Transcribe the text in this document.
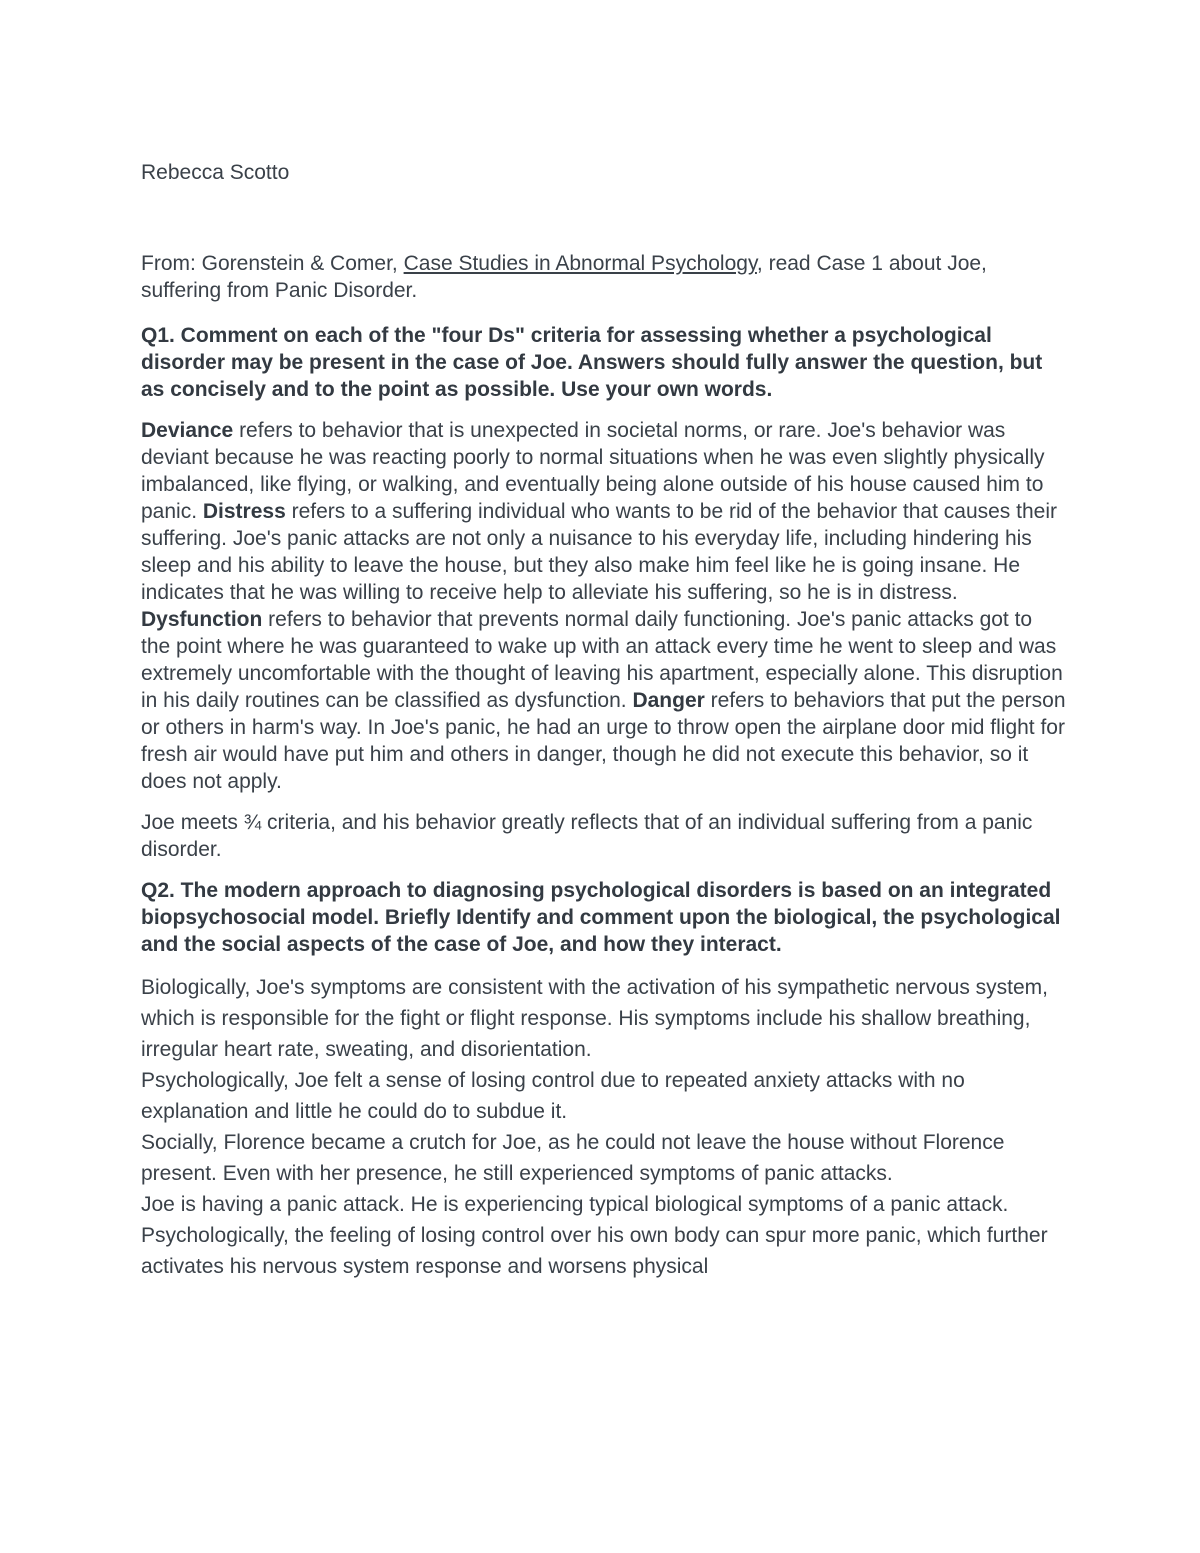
Rebecca Scotto

From: Gorenstein & Comer, Case Studies in Abnormal Psychology, read Case 1 about Joe, suffering from Panic Disorder.

Q1. Comment on each of the "four Ds" criteria for assessing whether a psychological disorder may be present in the case of Joe. Answers should fully answer the question, but as concisely and to the point as possible. Use your own words.

Deviance refers to behavior that is unexpected in societal norms, or rare. Joe's behavior was deviant because he was reacting poorly to normal situations when he was even slightly physically imbalanced, like flying, or walking, and eventually being alone outside of his house caused him to panic. Distress refers to a suffering individual who wants to be rid of the behavior that causes their suffering. Joe's panic attacks are not only a nuisance to his everyday life, including hindering his sleep and his ability to leave the house, but they also make him feel like he is going insane. He indicates that he was willing to receive help to alleviate his suffering, so he is in distress. Dysfunction refers to behavior that prevents normal daily functioning. Joe's panic attacks got to the point where he was guaranteed to wake up with an attack every time he went to sleep and was extremely uncomfortable with the thought of leaving his apartment, especially alone. This disruption in his daily routines can be classified as dysfunction. Danger refers to behaviors that put the person or others in harm's way. In Joe's panic, he had an urge to throw open the airplane door mid flight for fresh air would have put him and others in danger, though he did not execute this behavior, so it does not apply.

Joe meets ¾ criteria, and his behavior greatly reflects that of an individual suffering from a panic disorder.

Q2. The modern approach to diagnosing psychological disorders is based on an integrated biopsychosocial model. Briefly Identify and comment upon the biological, the psychological and the social aspects of the case of Joe, and how they interact.

Biologically, Joe's symptoms are consistent with the activation of his sympathetic nervous system, which is responsible for the fight or flight response. His symptoms include his shallow breathing, irregular heart rate, sweating, and disorientation.
Psychologically, Joe felt a sense of losing control due to repeated anxiety attacks with no explanation and little he could do to subdue it.
Socially, Florence became a crutch for Joe, as he could not leave the house without Florence present. Even with her presence, he still experienced symptoms of panic attacks.
Joe is having a panic attack. He is experiencing typical biological symptoms of a panic attack. Psychologically, the feeling of losing control over his own body can spur more panic, which further activates his nervous system response and worsens physical
